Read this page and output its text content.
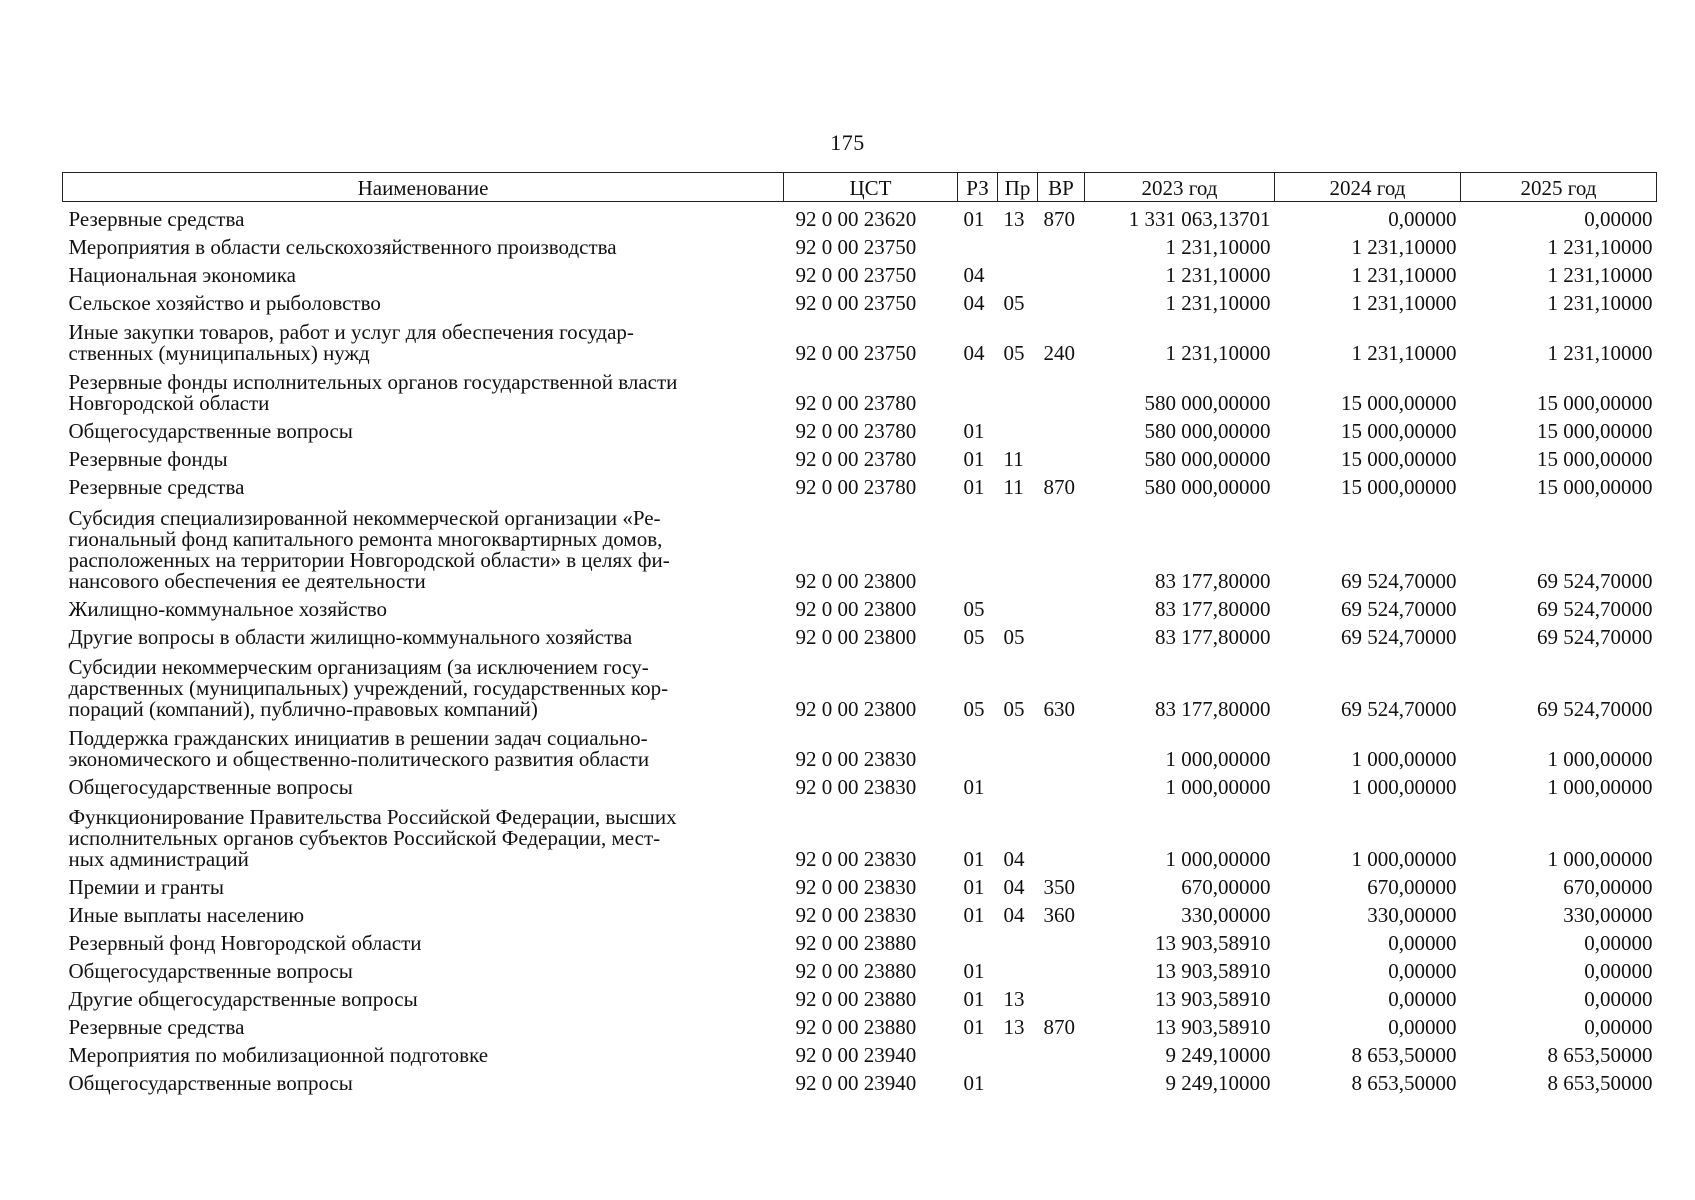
175
Наименование	ЦСТ	РЗ	Пр	ВР	2023 год	2024 год	2025 год
Резервные средства	92 0 00 23620	01	13	870	1 331 063,13701	0,00000	0,00000
Мероприятия в области сельскохозяйственного производства	92 0 00 23750				1 231,10000	1 231,10000	1 231,10000
Национальная экономика	92 0 00 23750	04			1 231,10000	1 231,10000	1 231,10000
Сельское хозяйство и рыболовство	92 0 00 23750	04	05		1 231,10000	1 231,10000	1 231,10000
Иные закупки товаров, работ и услуг для обеспечения государ-
ственных (муниципальных) нужд	92 0 00 23750	04	05	240	1 231,10000	1 231,10000	1 231,10000
Резервные фонды исполнительных органов государственной власти
Новгородской области	92 0 00 23780				580 000,00000	15 000,00000	15 000,00000
Общегосударственные вопросы	92 0 00 23780	01			580 000,00000	15 000,00000	15 000,00000
Резервные фонды	92 0 00 23780	01	11		580 000,00000	15 000,00000	15 000,00000
Резервные средства	92 0 00 23780	01	11	870	580 000,00000	15 000,00000	15 000,00000
Субсидия специализированной некоммерческой организации «Ре-
гиональный фонд капитального ремонта многоквартирных домов,
расположенных на территории Новгородской области» в целях фи-
нансового обеспечения ее деятельности	92 0 00 23800				83 177,80000	69 524,70000	69 524,70000
Жилищно-коммунальное хозяйство	92 0 00 23800	05			83 177,80000	69 524,70000	69 524,70000
Другие вопросы в области жилищно-коммунального хозяйства	92 0 00 23800	05	05		83 177,80000	69 524,70000	69 524,70000
Субсидии некоммерческим организациям (за исключением госу-
дарственных (муниципальных) учреждений, государственных кор-
пораций (компаний), публично-правовых компаний)	92 0 00 23800	05	05	630	83 177,80000	69 524,70000	69 524,70000
Поддержка гражданских инициатив в решении задач социально-
экономического и общественно-политического развития области	92 0 00 23830				1 000,00000	1 000,00000	1 000,00000
Общегосударственные вопросы	92 0 00 23830	01			1 000,00000	1 000,00000	1 000,00000
Функционирование Правительства Российской Федерации, высших
исполнительных органов субъектов Российской Федерации, мест-
ных администраций	92 0 00 23830	01	04		1 000,00000	1 000,00000	1 000,00000
Премии и гранты	92 0 00 23830	01	04	350	670,00000	670,00000	670,00000
Иные выплаты населению	92 0 00 23830	01	04	360	330,00000	330,00000	330,00000
Резервный фонд Новгородской области	92 0 00 23880				13 903,58910	0,00000	0,00000
Общегосударственные вопросы	92 0 00 23880	01			13 903,58910	0,00000	0,00000
Другие общегосударственные вопросы	92 0 00 23880	01	13		13 903,58910	0,00000	0,00000
Резервные средства	92 0 00 23880	01	13	870	13 903,58910	0,00000	0,00000
Мероприятия по мобилизационной подготовке	92 0 00 23940				9 249,10000	8 653,50000	8 653,50000
Общегосударственные вопросы	92 0 00 23940	01			9 249,10000	8 653,50000	8 653,50000
